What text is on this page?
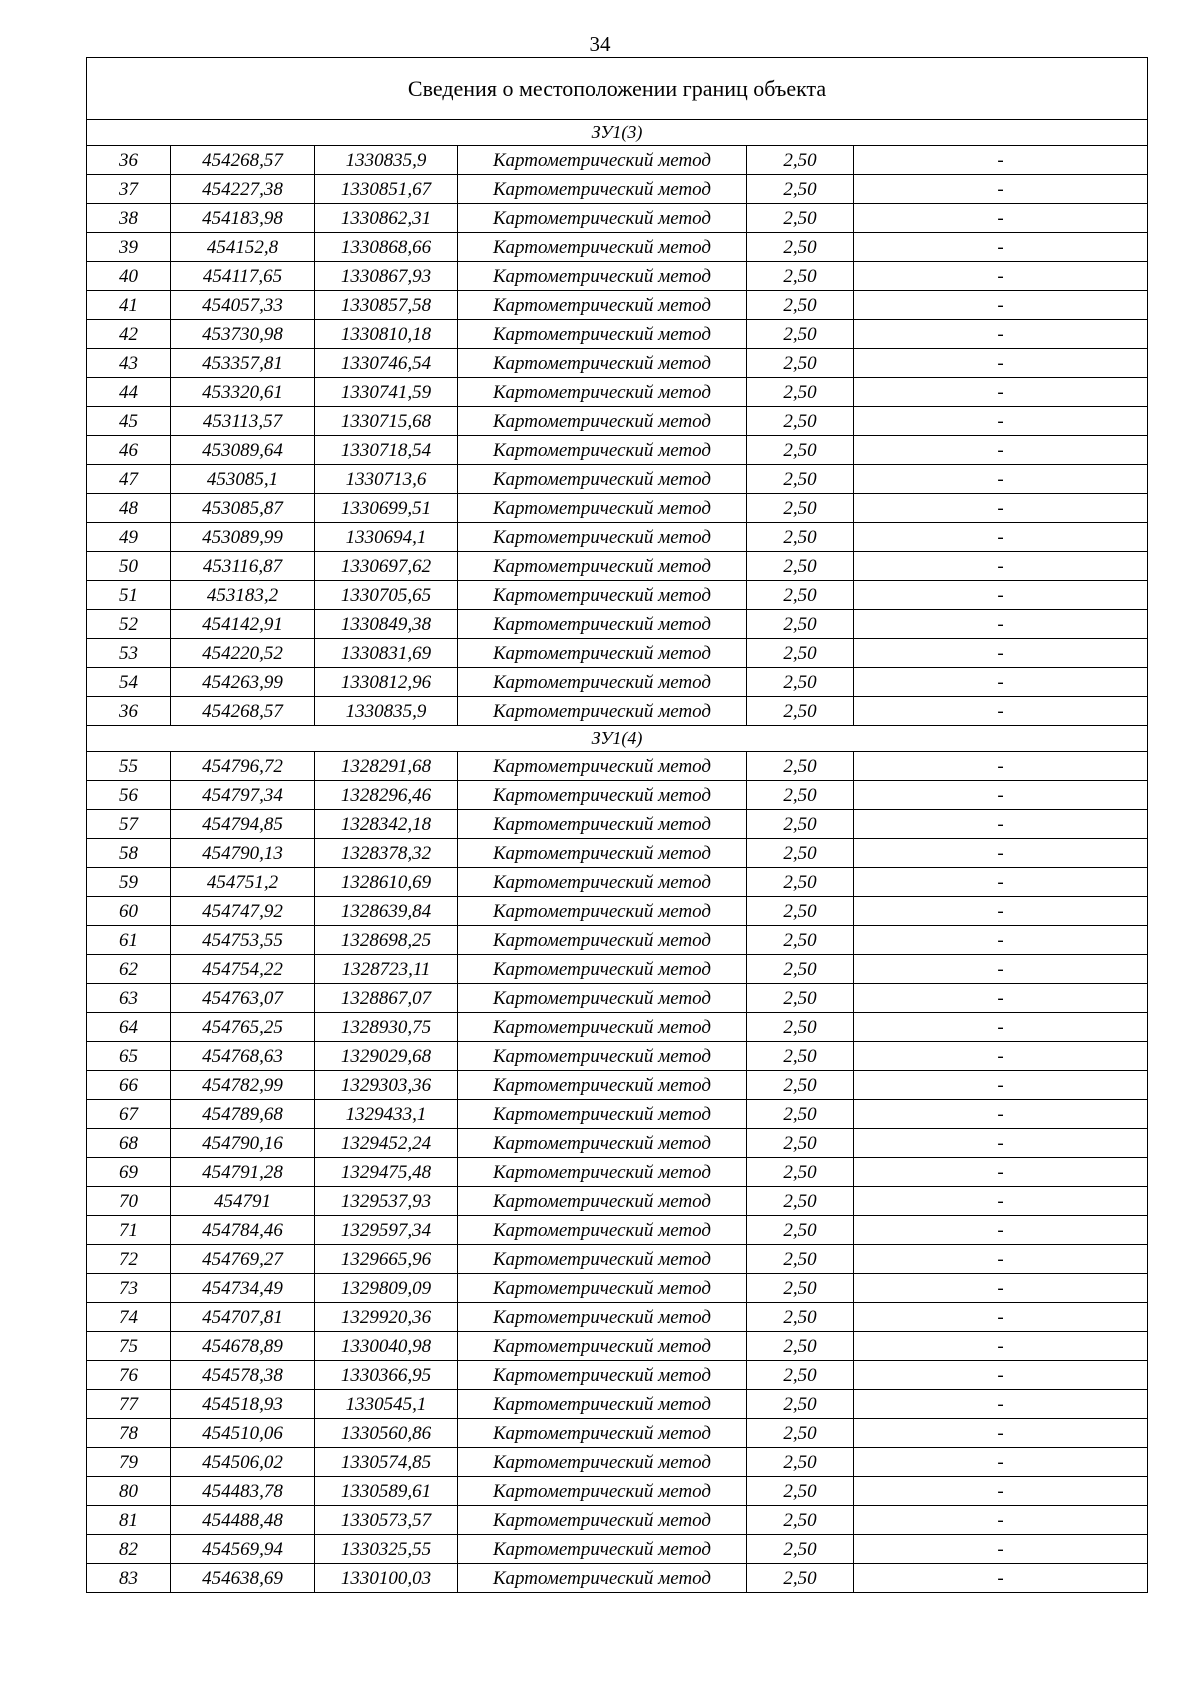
34
Сведения о местоположении границ объекта					
ЗУ1(3)					
36	454268,57	1330835,9	Картометрический метод	2,50	-
37	454227,38	1330851,67	Картометрический метод	2,50	-
38	454183,98	1330862,31	Картометрический метод	2,50	-
39	454152,8	1330868,66	Картометрический метод	2,50	-
40	454117,65	1330867,93	Картометрический метод	2,50	-
41	454057,33	1330857,58	Картометрический метод	2,50	-
42	453730,98	1330810,18	Картометрический метод	2,50	-
43	453357,81	1330746,54	Картометрический метод	2,50	-
44	453320,61	1330741,59	Картометрический метод	2,50	-
45	453113,57	1330715,68	Картометрический метод	2,50	-
46	453089,64	1330718,54	Картометрический метод	2,50	-
47	453085,1	1330713,6	Картометрический метод	2,50	-
48	453085,87	1330699,51	Картометрический метод	2,50	-
49	453089,99	1330694,1	Картометрический метод	2,50	-
50	453116,87	1330697,62	Картометрический метод	2,50	-
51	453183,2	1330705,65	Картометрический метод	2,50	-
52	454142,91	1330849,38	Картометрический метод	2,50	-
53	454220,52	1330831,69	Картометрический метод	2,50	-
54	454263,99	1330812,96	Картометрический метод	2,50	-
36	454268,57	1330835,9	Картометрический метод	2,50	-
ЗУ1(4)					
55	454796,72	1328291,68	Картометрический метод	2,50	-
56	454797,34	1328296,46	Картометрический метод	2,50	-
57	454794,85	1328342,18	Картометрический метод	2,50	-
58	454790,13	1328378,32	Картометрический метод	2,50	-
59	454751,2	1328610,69	Картометрический метод	2,50	-
60	454747,92	1328639,84	Картометрический метод	2,50	-
61	454753,55	1328698,25	Картометрический метод	2,50	-
62	454754,22	1328723,11	Картометрический метод	2,50	-
63	454763,07	1328867,07	Картометрический метод	2,50	-
64	454765,25	1328930,75	Картометрический метод	2,50	-
65	454768,63	1329029,68	Картометрический метод	2,50	-
66	454782,99	1329303,36	Картометрический метод	2,50	-
67	454789,68	1329433,1	Картометрический метод	2,50	-
68	454790,16	1329452,24	Картометрический метод	2,50	-
69	454791,28	1329475,48	Картометрический метод	2,50	-
70	454791	1329537,93	Картометрический метод	2,50	-
71	454784,46	1329597,34	Картометрический метод	2,50	-
72	454769,27	1329665,96	Картометрический метод	2,50	-
73	454734,49	1329809,09	Картометрический метод	2,50	-
74	454707,81	1329920,36	Картометрический метод	2,50	-
75	454678,89	1330040,98	Картометрический метод	2,50	-
76	454578,38	1330366,95	Картометрический метод	2,50	-
77	454518,93	1330545,1	Картометрический метод	2,50	-
78	454510,06	1330560,86	Картометрический метод	2,50	-
79	454506,02	1330574,85	Картометрический метод	2,50	-
80	454483,78	1330589,61	Картометрический метод	2,50	-
81	454488,48	1330573,57	Картометрический метод	2,50	-
82	454569,94	1330325,55	Картометрический метод	2,50	-
83	454638,69	1330100,03	Картометрический метод	2,50	-
